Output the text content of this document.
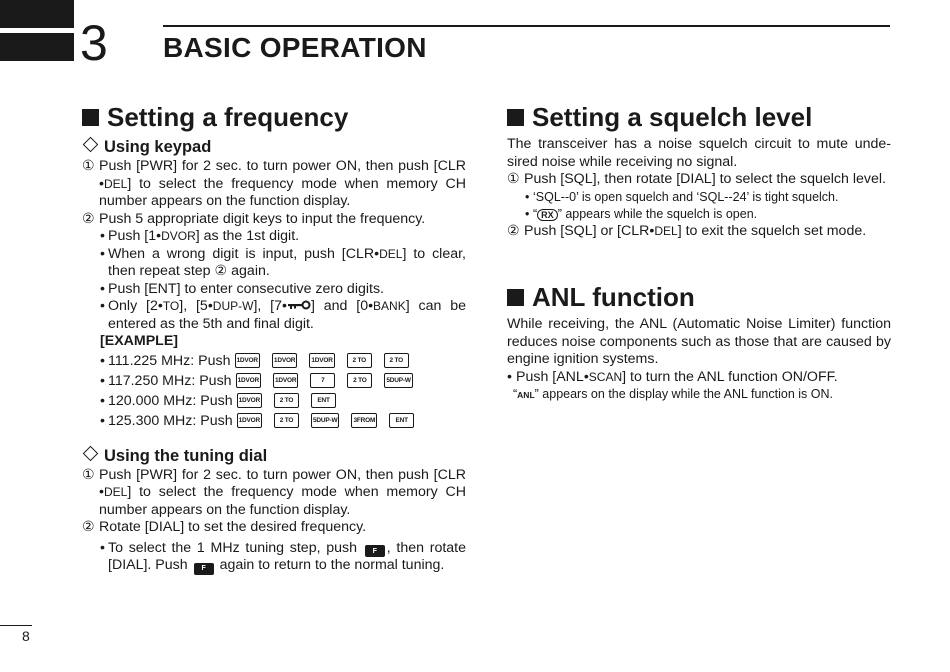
3 BASIC OPERATION
Setting a frequency
Using keypad
① Push [PWR] for 2 sec. to turn power ON, then push [CLR •DEL] to select the frequency mode when memory CH number appears on the function display.
② Push 5 appropriate digit keys to input the frequency.
• Push [1•DVOR] as the 1st digit.
• When a wrong digit is input, push [CLR•DEL] to clear, then repeat step ② again.
• Push [ENT] to enter consecutive zero digits.
• Only [2•TO], [5•DUP-W], [7• ] and [0•BANK] can be entered as the 5th and final digit.
[EXAMPLE]
• 111.225 MHz: Push 1DVOR	1DVOR	1DVOR	2 TO	2 TO
• 117.250 MHz: Push 1DVOR	1DVOR	7	2 TO	5DUP-W
• 120.000 MHz: Push 1DVOR	2 TO	ENT
• 125.300 MHz: Push 1DVOR	2 TO	5DUP-W	3FROM	ENT
Using the tuning dial
① Push [PWR] for 2 sec. to turn power ON, then push [CLR •DEL] to select the frequency mode when memory CH number appears on the function display.
② Rotate [DIAL] to set the desired frequency.
• To select the 1 MHz tuning step, push F , then rotate [DIAL]. Push F again to return to the normal tuning.
Setting a squelch level
The transceiver has a noise squelch circuit to mute unde-sired noise while receiving no signal.
① Push [SQL], then rotate [DIAL] to select the squelch level.
• ‘SQL--0’ is open squelch and ‘SQL--24’ is tight squelch.
• “ RX ” appears while the squelch is open.
② Push [SQL] or [CLR•DEL] to exit the squelch set mode.
ANL function
While receiving, the ANL (Automatic Noise Limiter) function reduces noise components such as those that are caused by engine ignition systems.
• Push [ANL•SCAN] to turn the ANL function ON/OFF.
“ANL” appears on the display while the ANL function is ON.
8
